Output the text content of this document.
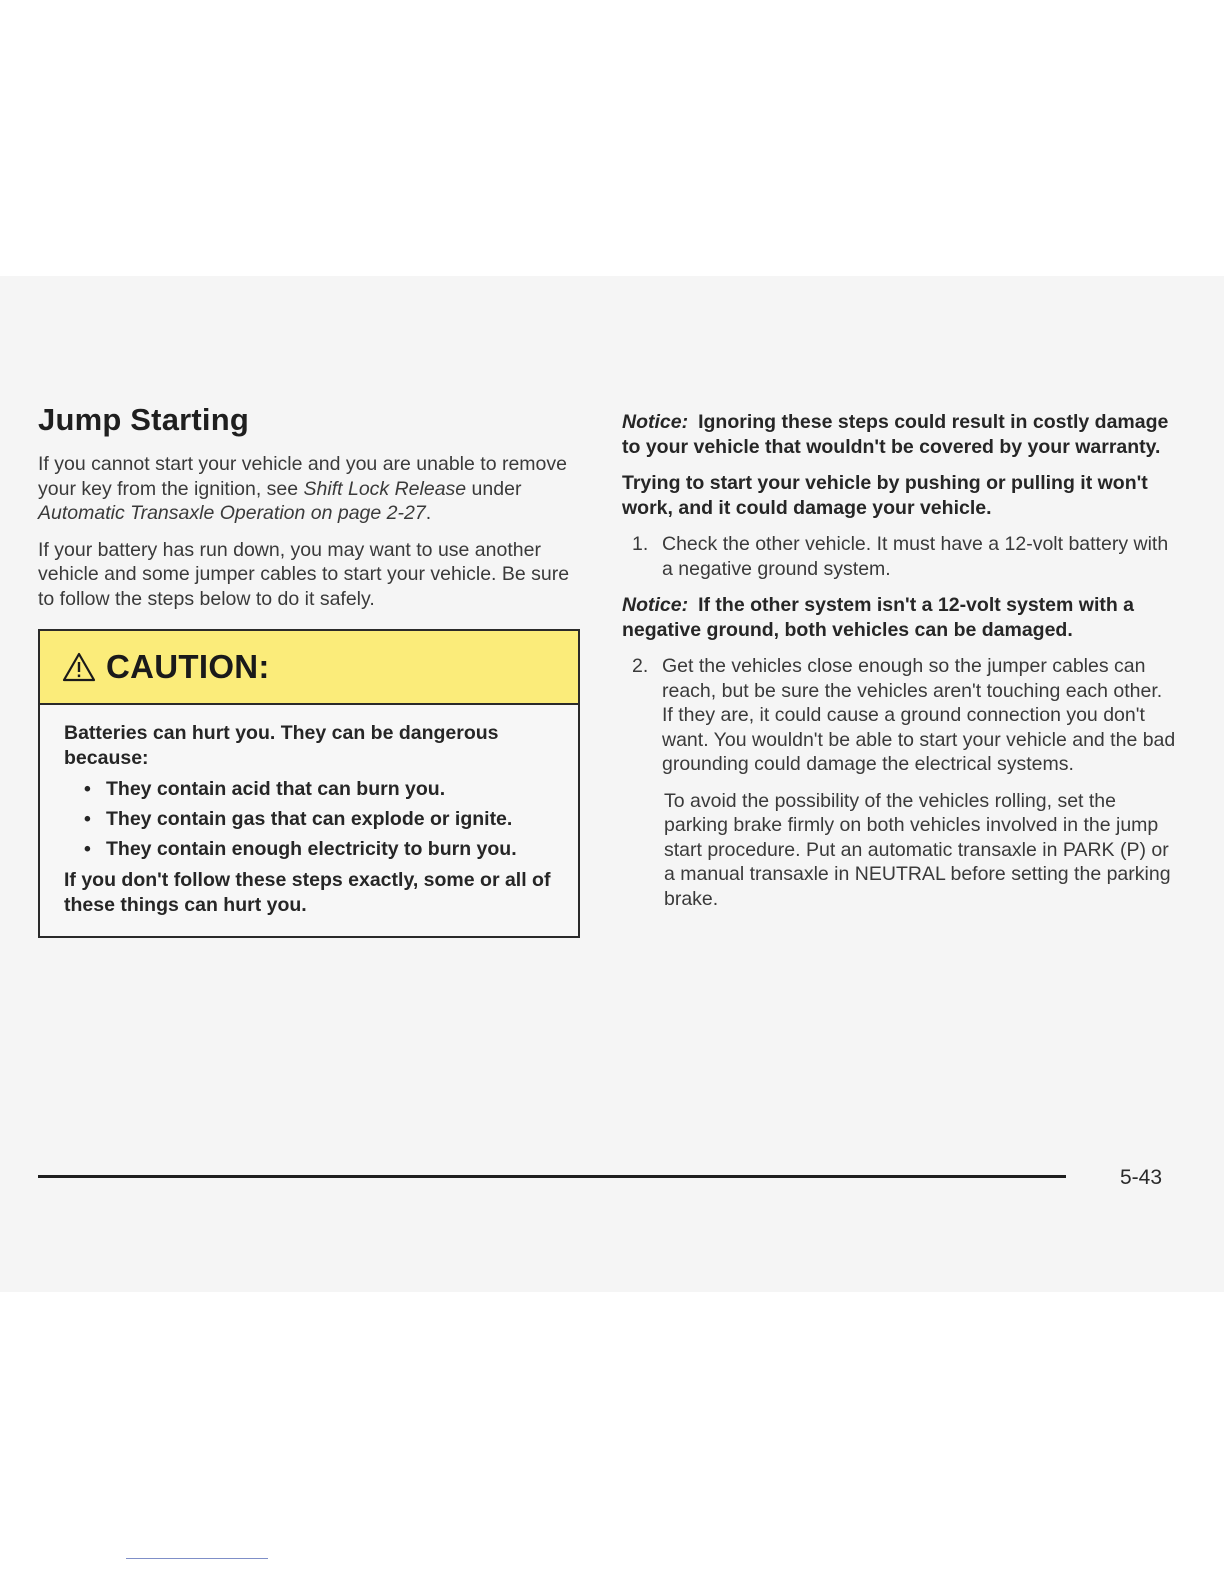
Jump Starting

If you cannot start your vehicle and you are unable to remove your key from the ignition, see Shift Lock Release under Automatic Transaxle Operation on page 2-27.

If your battery has run down, you may want to use another vehicle and some jumper cables to start your vehicle. Be sure to follow the steps below to do it safely.

CAUTION:

Batteries can hurt you. They can be dangerous because:

• They contain acid that can burn you.
• They contain gas that can explode or ignite.
• They contain enough electricity to burn you.

If you don't follow these steps exactly, some or all of these things can hurt you.

Notice: Ignoring these steps could result in costly damage to your vehicle that wouldn't be covered by your warranty.

Trying to start your vehicle by pushing or pulling it won't work, and it could damage your vehicle.

1. Check the other vehicle. It must have a 12-volt battery with a negative ground system.

Notice: If the other system isn't a 12-volt system with a negative ground, both vehicles can be damaged.

2. Get the vehicles close enough so the jumper cables can reach, but be sure the vehicles aren't touching each other. If they are, it could cause a ground connection you don't want. You wouldn't be able to start your vehicle and the bad grounding could damage the electrical systems.

To avoid the possibility of the vehicles rolling, set the parking brake firmly on both vehicles involved in the jump start procedure. Put an automatic transaxle in PARK (P) or a manual transaxle in NEUTRAL before setting the parking brake.

5-43
